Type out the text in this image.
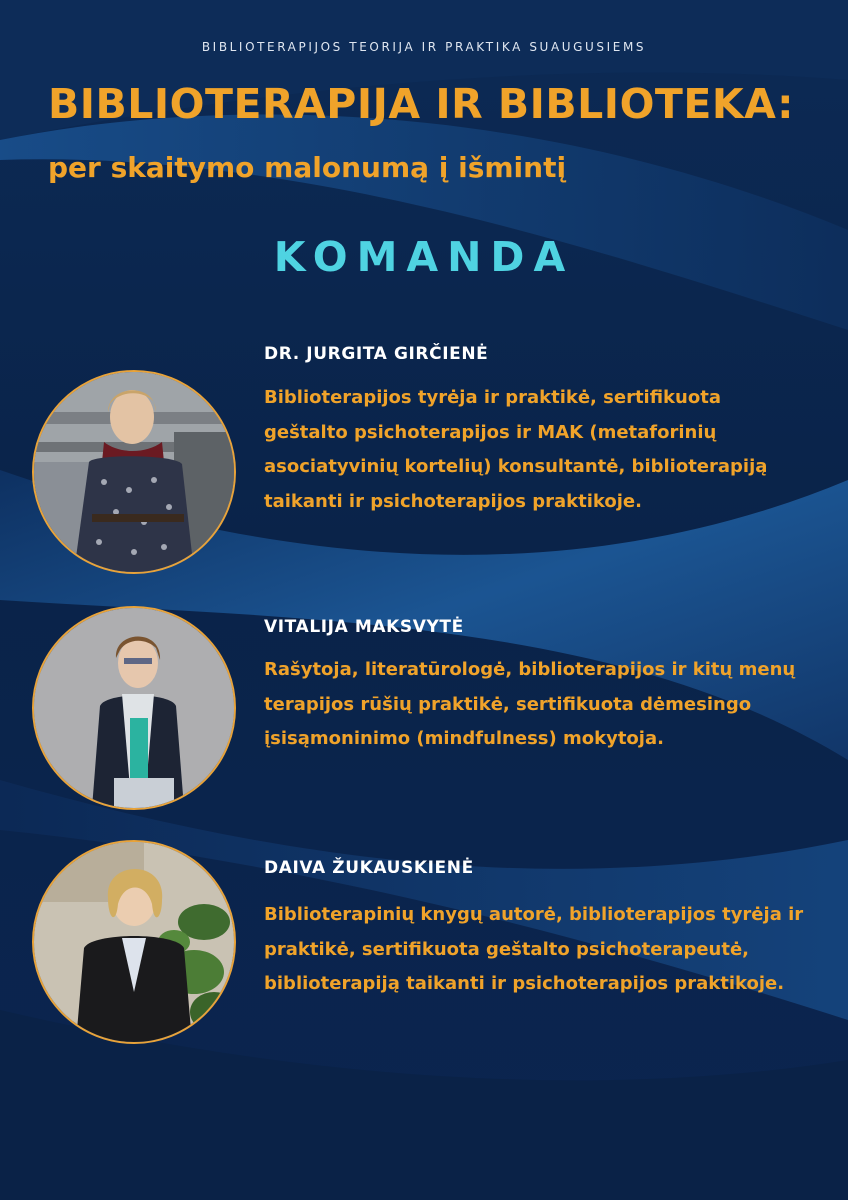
BIBLIOTERAPIJOS TEORIJA IR PRAKTIKA SUAUGUSIEMS
BIBLIOTERAPIJA IR BIBLIOTEKA:
per skaitymo malonumą į išmintį
KOMANDA
DR. JURGITA GIRČIENĖ
Biblioterapijos tyrėja ir praktikė, sertifikuota geštalto psichoterapijos ir MAK (metaforinių asociatyvinių kortelių) konsultantė, biblioterapiją taikanti ir psichoterapijos praktikoje.
VITALIJA MAKSVYTĖ
Rašytoja, literatūrologė, biblioterapijos ir kitų menų terapijos rūšių praktikė, sertifikuota dėmesingo įsisąmoninimo (mindfulness) mokytoja.
DAIVA ŽUKAUSKIENĖ
Biblioterapinių knygų autorė, biblioterapijos tyrėja ir praktikė, sertifikuota geštalto psichoterapeutė, biblioterapiją taikanti ir psichoterapijos praktikoje.
